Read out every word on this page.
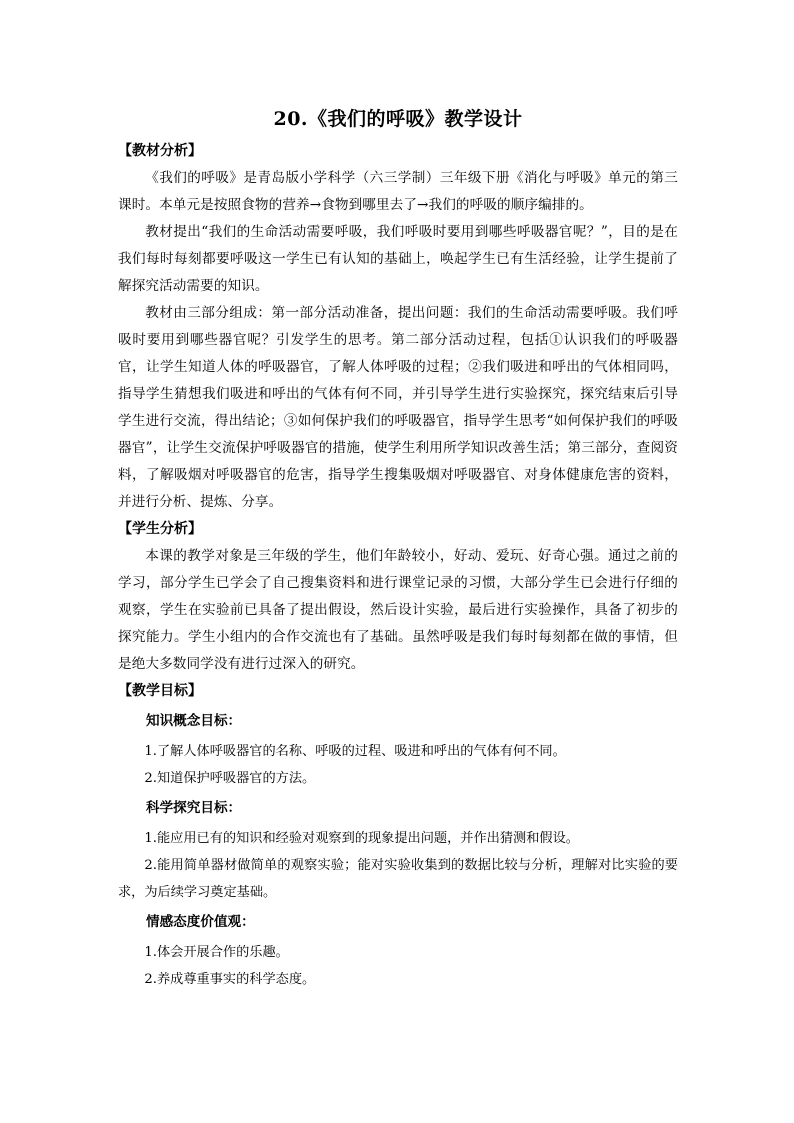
20.《我们的呼吸》教学设计
【教材分析】

《我们的呼吸》是青岛版小学科学（六三学制）三年级下册《消化与呼吸》单元的第三课时。本单元是按照食物的营养→食物到哪里去了→我们的呼吸的顺序编排的。

教材提出“我们的生命活动需要呼吸，我们呼吸时要用到哪些呼吸器官呢？”，目的是在我们每时每刻都要呼吸这一学生已有认知的基础上，唤起学生已有生活经验，让学生提前了解探究活动需要的知识。

教材由三部分组成：第一部分活动准备，提出问题：我们的生命活动需要呼吸。我们呼吸时要用到哪些器官呢？引发学生的思考。第二部分活动过程，包括①认识我们的呼吸器官，让学生知道人体的呼吸器官，了解人体呼吸的过程；②我们吸进和呼出的气体相同吗，指导学生猜想我们吸进和呼出的气体有何不同，并引导学生进行实验探究，探究结束后引导学生进行交流，得出结论；③如何保护我们的呼吸器官，指导学生思考“如何保护我们的呼吸器官”，让学生交流保护呼吸器官的措施，使学生利用所学知识改善生活；第三部分，查阅资料，了解吸烟对呼吸器官的危害，指导学生搜集吸烟对呼吸器官、对身体健康危害的资料，并进行分析、提炼、分享。

【学生分析】

本课的教学对象是三年级的学生，他们年龄较小，好动、爱玩、好奇心强。通过之前的学习，部分学生已学会了自己搜集资料和进行课堂记录的习惯，大部分学生已会进行仔细的观察，学生在实验前已具备了提出假设，然后设计实验，最后进行实验操作，具备了初步的探究能力。学生小组内的合作交流也有了基础。虽然呼吸是我们每时每刻都在做的事情，但是绝大多数同学没有进行过深入的研究。

【教学目标】
知识概念目标：

1.了解人体呼吸器官的名称、呼吸的过程、吸进和呼出的气体有何不同。

2.知道保护呼吸器官的方法。

科学探究目标：

1.能应用已有的知识和经验对观察到的现象提出问题，并作出猜测和假设。

2.能用简单器材做简单的观察实验；能对实验收集到的数据比较与分析，理解对比实验的要求，为后续学习奠定基础。

情感态度价值观：

1.体会开展合作的乐趣。

2.养成尊重事实的科学态度。
